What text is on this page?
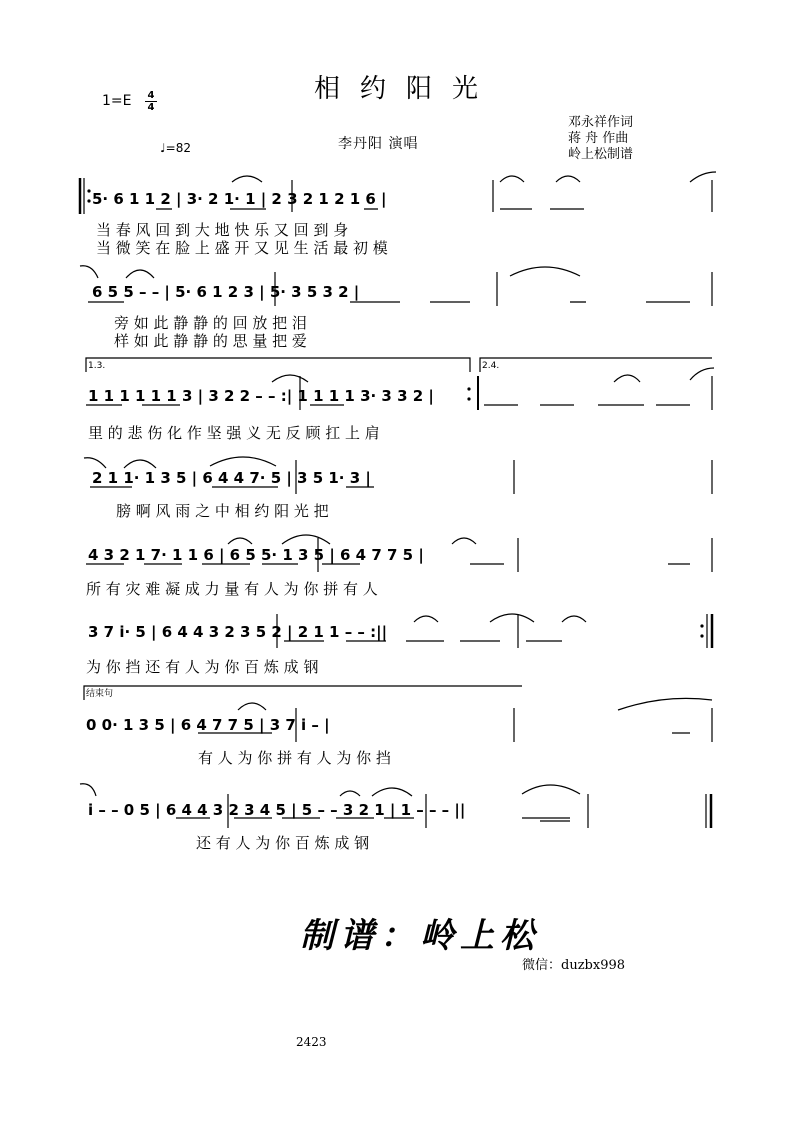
相约阳光
$1=E \frac{4}{4}$
♩=82	李丹阳 演唱
邓永祥作词
蒋 舟 作曲
岭上松制谱
5· 6 1 1 2 | 3· 2 1· 1 | 2 3 2 1 2 1 6 |
当 春 风 回 到 大 地 快 乐 又 回 到 身
当 微 笑 在 脸 上 盛 开 又 见 生 活 最 初 模
6 5 5 – – | 5· 6 1 2 3 | 5· 3 5 3 2 |
旁 如 此 静 静 的 回 放 把 泪
样 如 此 静 静 的 思 量 把 爱
1.3.	2.4.
1 1 1 1 1 1 3 | 3 2 2 – – :| 1 1 1 1 3· 3 3 2 |
里 的 悲 伤 化 作 坚 强 义 无 反 顾 扛 上 肩
2 1 1· 1 3 5 | 6 4 4 7· 5 | 3 5 1· 3 |
膀 啊 风 雨 之 中 相 约 阳 光 把
4 3 2 1 7· 1 1 6 | 6 5 5· 1 3 5 | 6 4 7 7 5 |
所 有 灾 难 凝 成 力 量 有 人 为 你 拼 有 人
3 7 i· 5 | 6 4 4 3 2 3 5 2 | 2 1 1 – – :||
为 你 挡 还 有 人 为 你 百 炼 成 钢
结束句
0 0· 1 3 5 | 6 4 7 7 5 | 3 7 i – |
有 人 为 你 拼 有 人 为 你 挡
i – – 0 5 | 6 4 4 3 2 3 4 5 | 5 – – 3 2 1 | 1 – – – ||
还 有 人 为 你 百 炼 成 钢
制谱：岭上松
微信：duzbx998
2423
